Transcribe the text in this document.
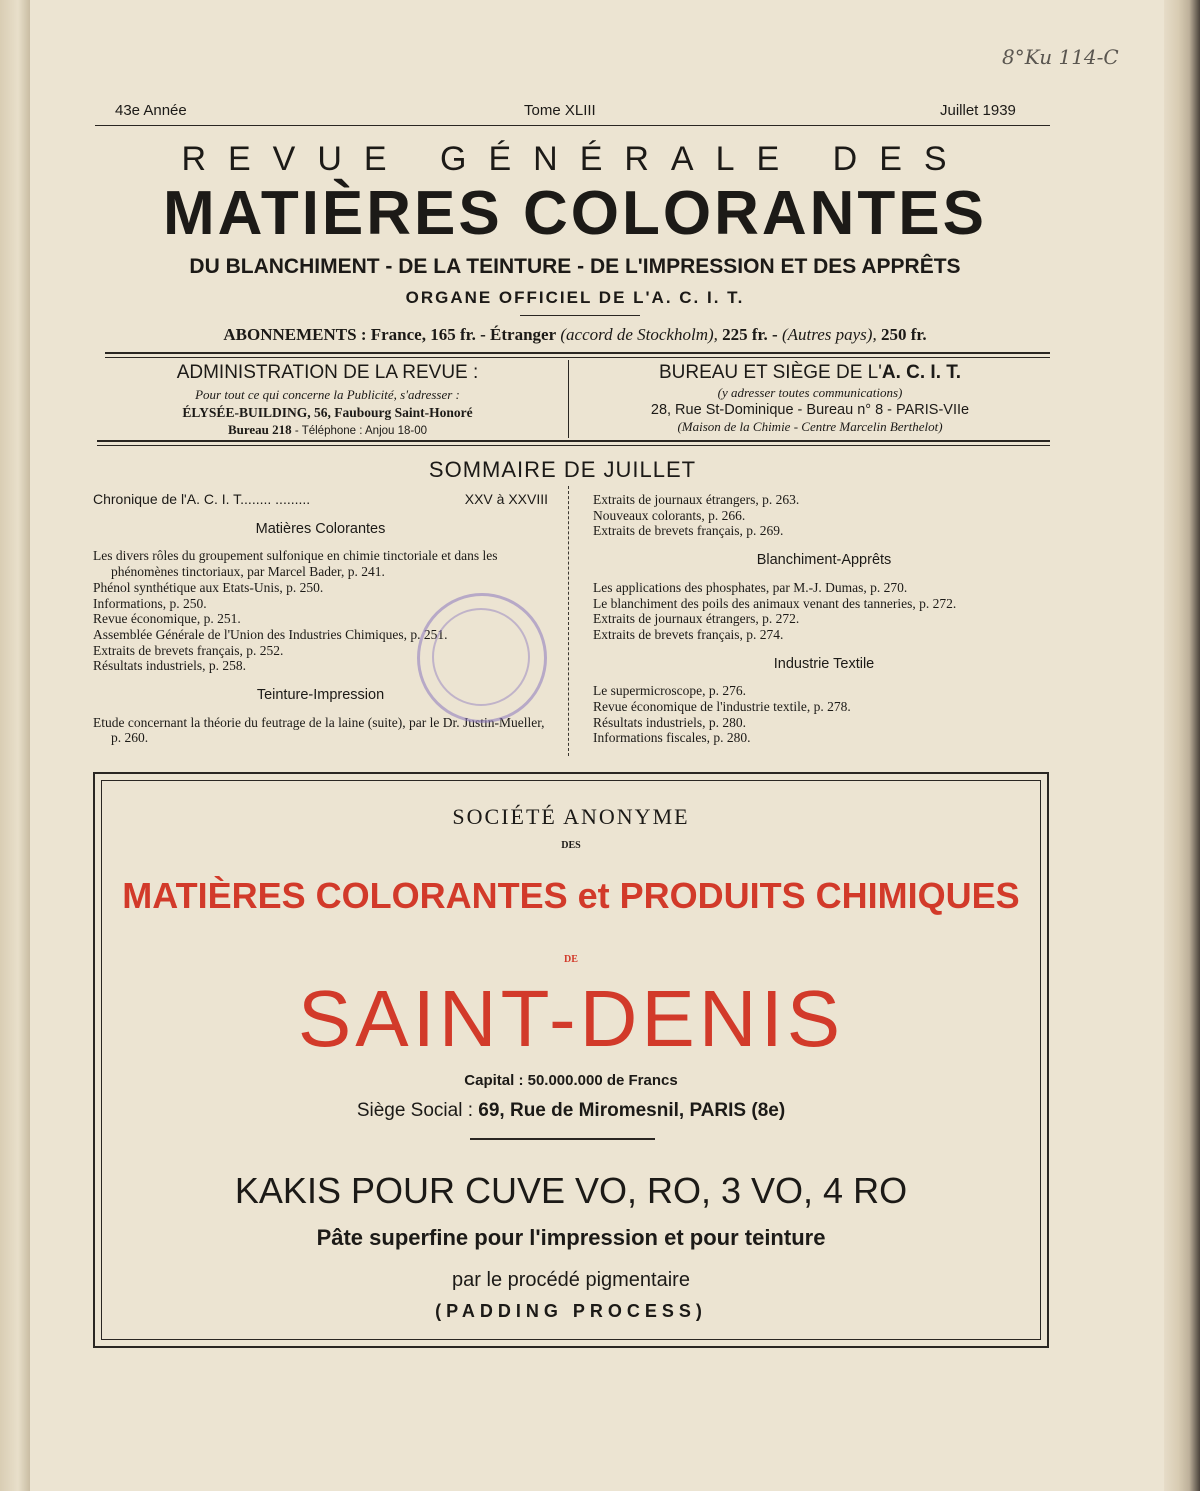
8°Ku 114-C
43e Année	Tome XLIII	Juillet 1939
REVUE GÉNÉRALE DES
MATIÈRES COLORANTES
DU BLANCHIMENT - DE LA TEINTURE - DE L'IMPRESSION ET DES APPRÊTS
ORGANE OFFICIEL DE L'A. C. I. T.
ABONNEMENTS : France, 165 fr. - Étranger (accord de Stockholm), 225 fr. - (Autres pays), 250 fr.
ADMINISTRATION DE LA REVUE :
Pour tout ce qui concerne la Publicité, s'adresser :
ÉLYSÉE-BUILDING, 56, Faubourg Saint-Honoré
Bureau 218 - Téléphone : Anjou 18-00
BUREAU ET SIÈGE DE L'A. C. I. T.
(y adresser toutes communications)
28, Rue St-Dominique - Bureau n° 8 - PARIS-VIIe
(Maison de la Chimie - Centre Marcelin Berthelot)
SOMMAIRE DE JUILLET
Chronique de l'A. C. I. T........ .........	XXV à XXVIII
Matières Colorantes
Les divers rôles du groupement sulfonique en chimie tinctoriale et dans les phénomènes tinctoriaux, par Marcel Bader, p. 241.
Phénol synthétique aux Etats-Unis, p. 250.
Informations, p. 250.
Revue économique, p. 251.
Assemblée Générale de l'Union des Industries Chimiques, p. 251.
Extraits de brevets français, p. 252.
Résultats industriels, p. 258.
Teinture-Impression
Etude concernant la théorie du feutrage de la laine (suite), par le Dr. Justin-Mueller, p. 260.
Extraits de journaux étrangers, p. 263.
Nouveaux colorants, p. 266.
Extraits de brevets français, p. 269.
Blanchiment-Apprêts
Les applications des phosphates, par M.-J. Dumas, p. 270.
Le blanchiment des poils des animaux venant des tanneries, p. 272.
Extraits de journaux étrangers, p. 272.
Extraits de brevets français, p. 274.
Industrie Textile
Le supermicroscope, p. 276.
Revue économique de l'industrie textile, p. 278.
Résultats industriels, p. 280.
Informations fiscales, p. 280.
SOCIÉTÉ ANONYME
DES
MATIÈRES COLORANTES et PRODUITS CHIMIQUES
DE
SAINT-DENIS
Capital : 50.000.000 de Francs
Siège Social : 69, Rue de Miromesnil, PARIS (8e)
KAKIS POUR CUVE VO, RO, 3 VO, 4 RO
Pâte superfine pour l'impression et pour teinture
par le procédé pigmentaire
(PADDING PROCESS)
